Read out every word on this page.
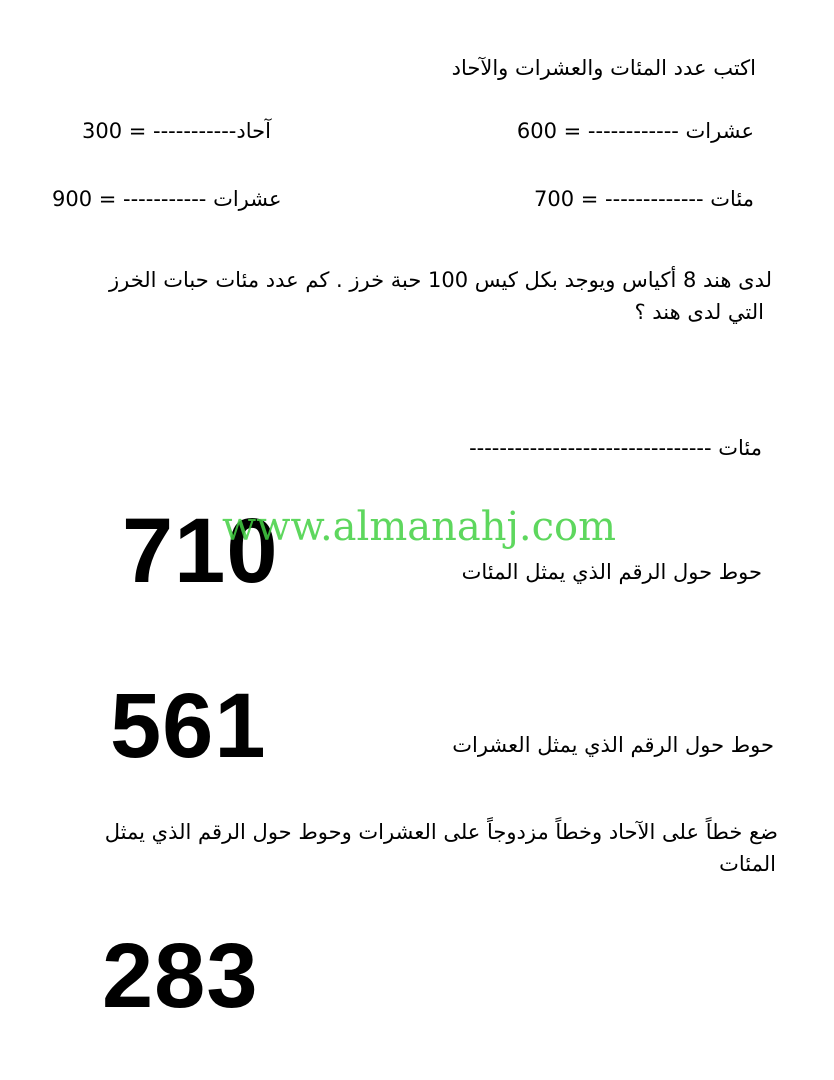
اكتب عدد المئات والعشرات والآحاد
600 = ------------ عشرات
300 = -----------آحاد
700 = ------------- مئات
900 = ----------- عشرات
لدى هند 8 أكياس ويوجد بكل كيس 100 حبة خرز . كم عدد مئات حبات الخرز
التي لدى هند ؟
-------------------------------- مئات
710
www.almanahj.com
حوط حول الرقم الذي يمثل المئات
561	حوط حول الرقم الذي يمثل العشرات
ضع خطاً على الآحاد وخطاً مزدوجاً على العشرات وحوط حول الرقم الذي يمثل
المئات
283
